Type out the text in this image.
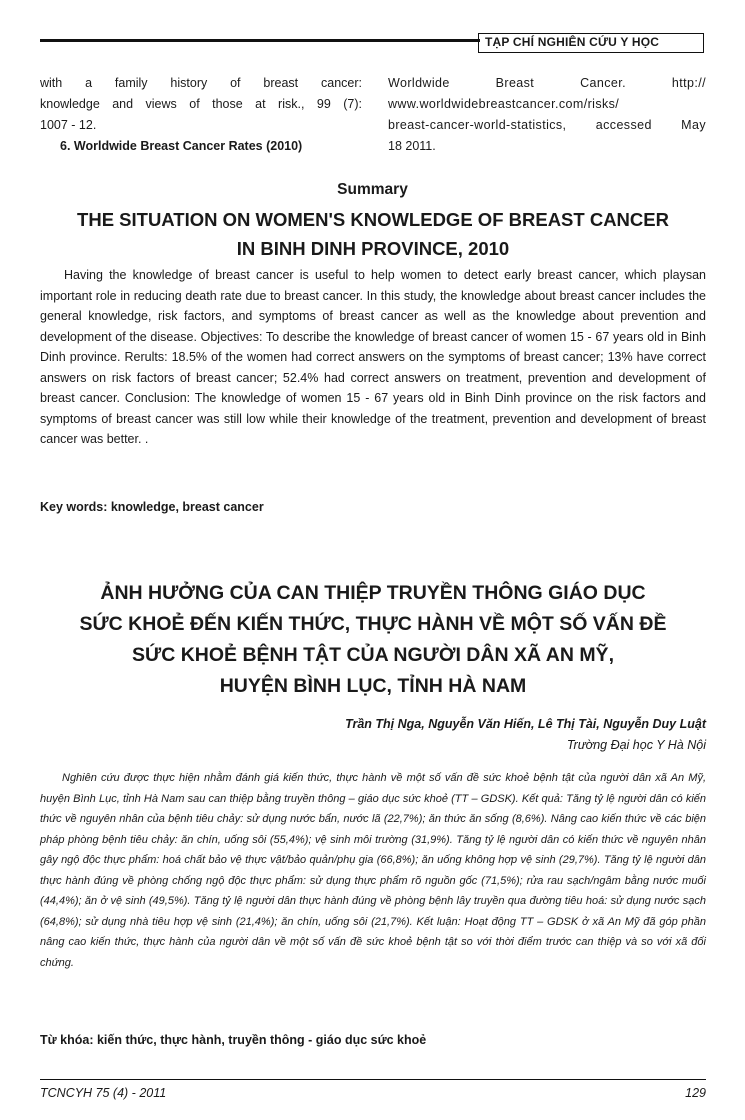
TẠP CHÍ NGHIÊN CỨU Y HỌC
with a family history of breast cancer:
knowledge and views of those at risk., 99 (7):
1007 - 12.
6. Worldwide Breast Cancer Rates (2010)
Worldwide Breast Cancer. http://
www.worldwidebreastcancer.com/risks/
breast-cancer-world-statistics, accessed May
18 2011.
Summary
THE SITUATION ON WOMEN'S KNOWLEDGE OF BREAST CANCER
IN BINH DINH PROVINCE, 2010

Having the knowledge of breast cancer is useful to help women to detect early breast cancer, which playsan important role in reducing death rate due to breast cancer. In this study, the knowledge about breast cancer includes the general knowledge, risk factors, and symptoms of breast cancer as well as the knowledge about prevention and development of the disease. Objectives: To describe the knowledge of breast cancer of women 15 - 67 years old in Binh Dinh province. Rerults: 18.5% of the women had correct answers on the symptoms of breast cancer; 13% have correct answers on risk factors of breast cancer; 52.4% had correct answers on treatment, prevention and development of breast cancer. Conclusion: The knowledge of women 15 - 67 years old in Binh Dinh province on the risk factors and symptoms of breast cancer was still low while their knowledge of the treatment, prevention and development of breast cancer was better. .

Key words: knowledge, breast cancer
ẢNH HƯỞNG CỦA CAN THIỆP TRUYỀN THÔNG GIÁO DỤC
SỨC KHOẺ ĐẾN KIẾN THỨC, THỰC HÀNH VỀ MỘT SỐ VẤN ĐỀ
SỨC KHOẺ BỆNH TẬT CỦA NGƯỜI DÂN XÃ AN MỸ,
HUYỆN BÌNH LỤC, TỈNH HÀ NAM
Trần Thị Nga, Nguyễn Văn Hiến, Lê Thị Tài, Nguyễn Duy Luật
Trường Đại học Y Hà Nội

Nghiên cứu được thực hiện nhằm đánh giá kiến thức, thực hành về một số vấn đề sức khoẻ bệnh tật của người dân xã An Mỹ, huyện Bình Lục, tỉnh Hà Nam sau can thiệp bằng truyền thông – giáo dục sức khoẻ (TT – GDSK). Kết quả: Tăng tỷ lệ người dân có kiến thức về nguyên nhân của bệnh tiêu chảy: sử dụng nước bẩn, nước lã (22,7%); ăn thức ăn sống (8,6%). Nâng cao kiến thức về các biện pháp phòng bệnh tiêu chảy: ăn chín, uống sôi (55,4%); vệ sinh môi trường (31,9%). Tăng tỷ lệ người dân có kiến thức về nguyên nhân gây ngộ độc thực phẩm: hoá chất bảo vệ thực vật/bảo quản/phụ gia (66,8%); ăn uống không hợp vệ sinh (29,7%). Tăng tỷ lệ người dân thực hành đúng về phòng chống ngộ độc thực phẩm: sử dụng thực phẩm rõ nguồn gốc (71,5%); rửa rau sạch/ngâm bằng nước muối (44,4%); ăn ở vệ sinh (49,5%). Tăng tỷ lệ người dân thực hành đúng về phòng bệnh lây truyền qua đường tiêu hoá: sử dụng nước sạch (64,8%); sử dụng nhà tiêu hợp vệ sinh (21,4%); ăn chín, uống sôi (21,7%). Kết luận: Hoạt động TT – GDSK ở xã An Mỹ đã góp phần nâng cao kiến thức, thực hành của người dân về một số vấn đề sức khoẻ bệnh tật so với thời điểm trước can thiệp và so với xã đối chứng.

Từ khóa: kiến thức, thực hành, truyền thông - giáo dục sức khoẻ
TCNCYH 75 (4) - 2011	129
